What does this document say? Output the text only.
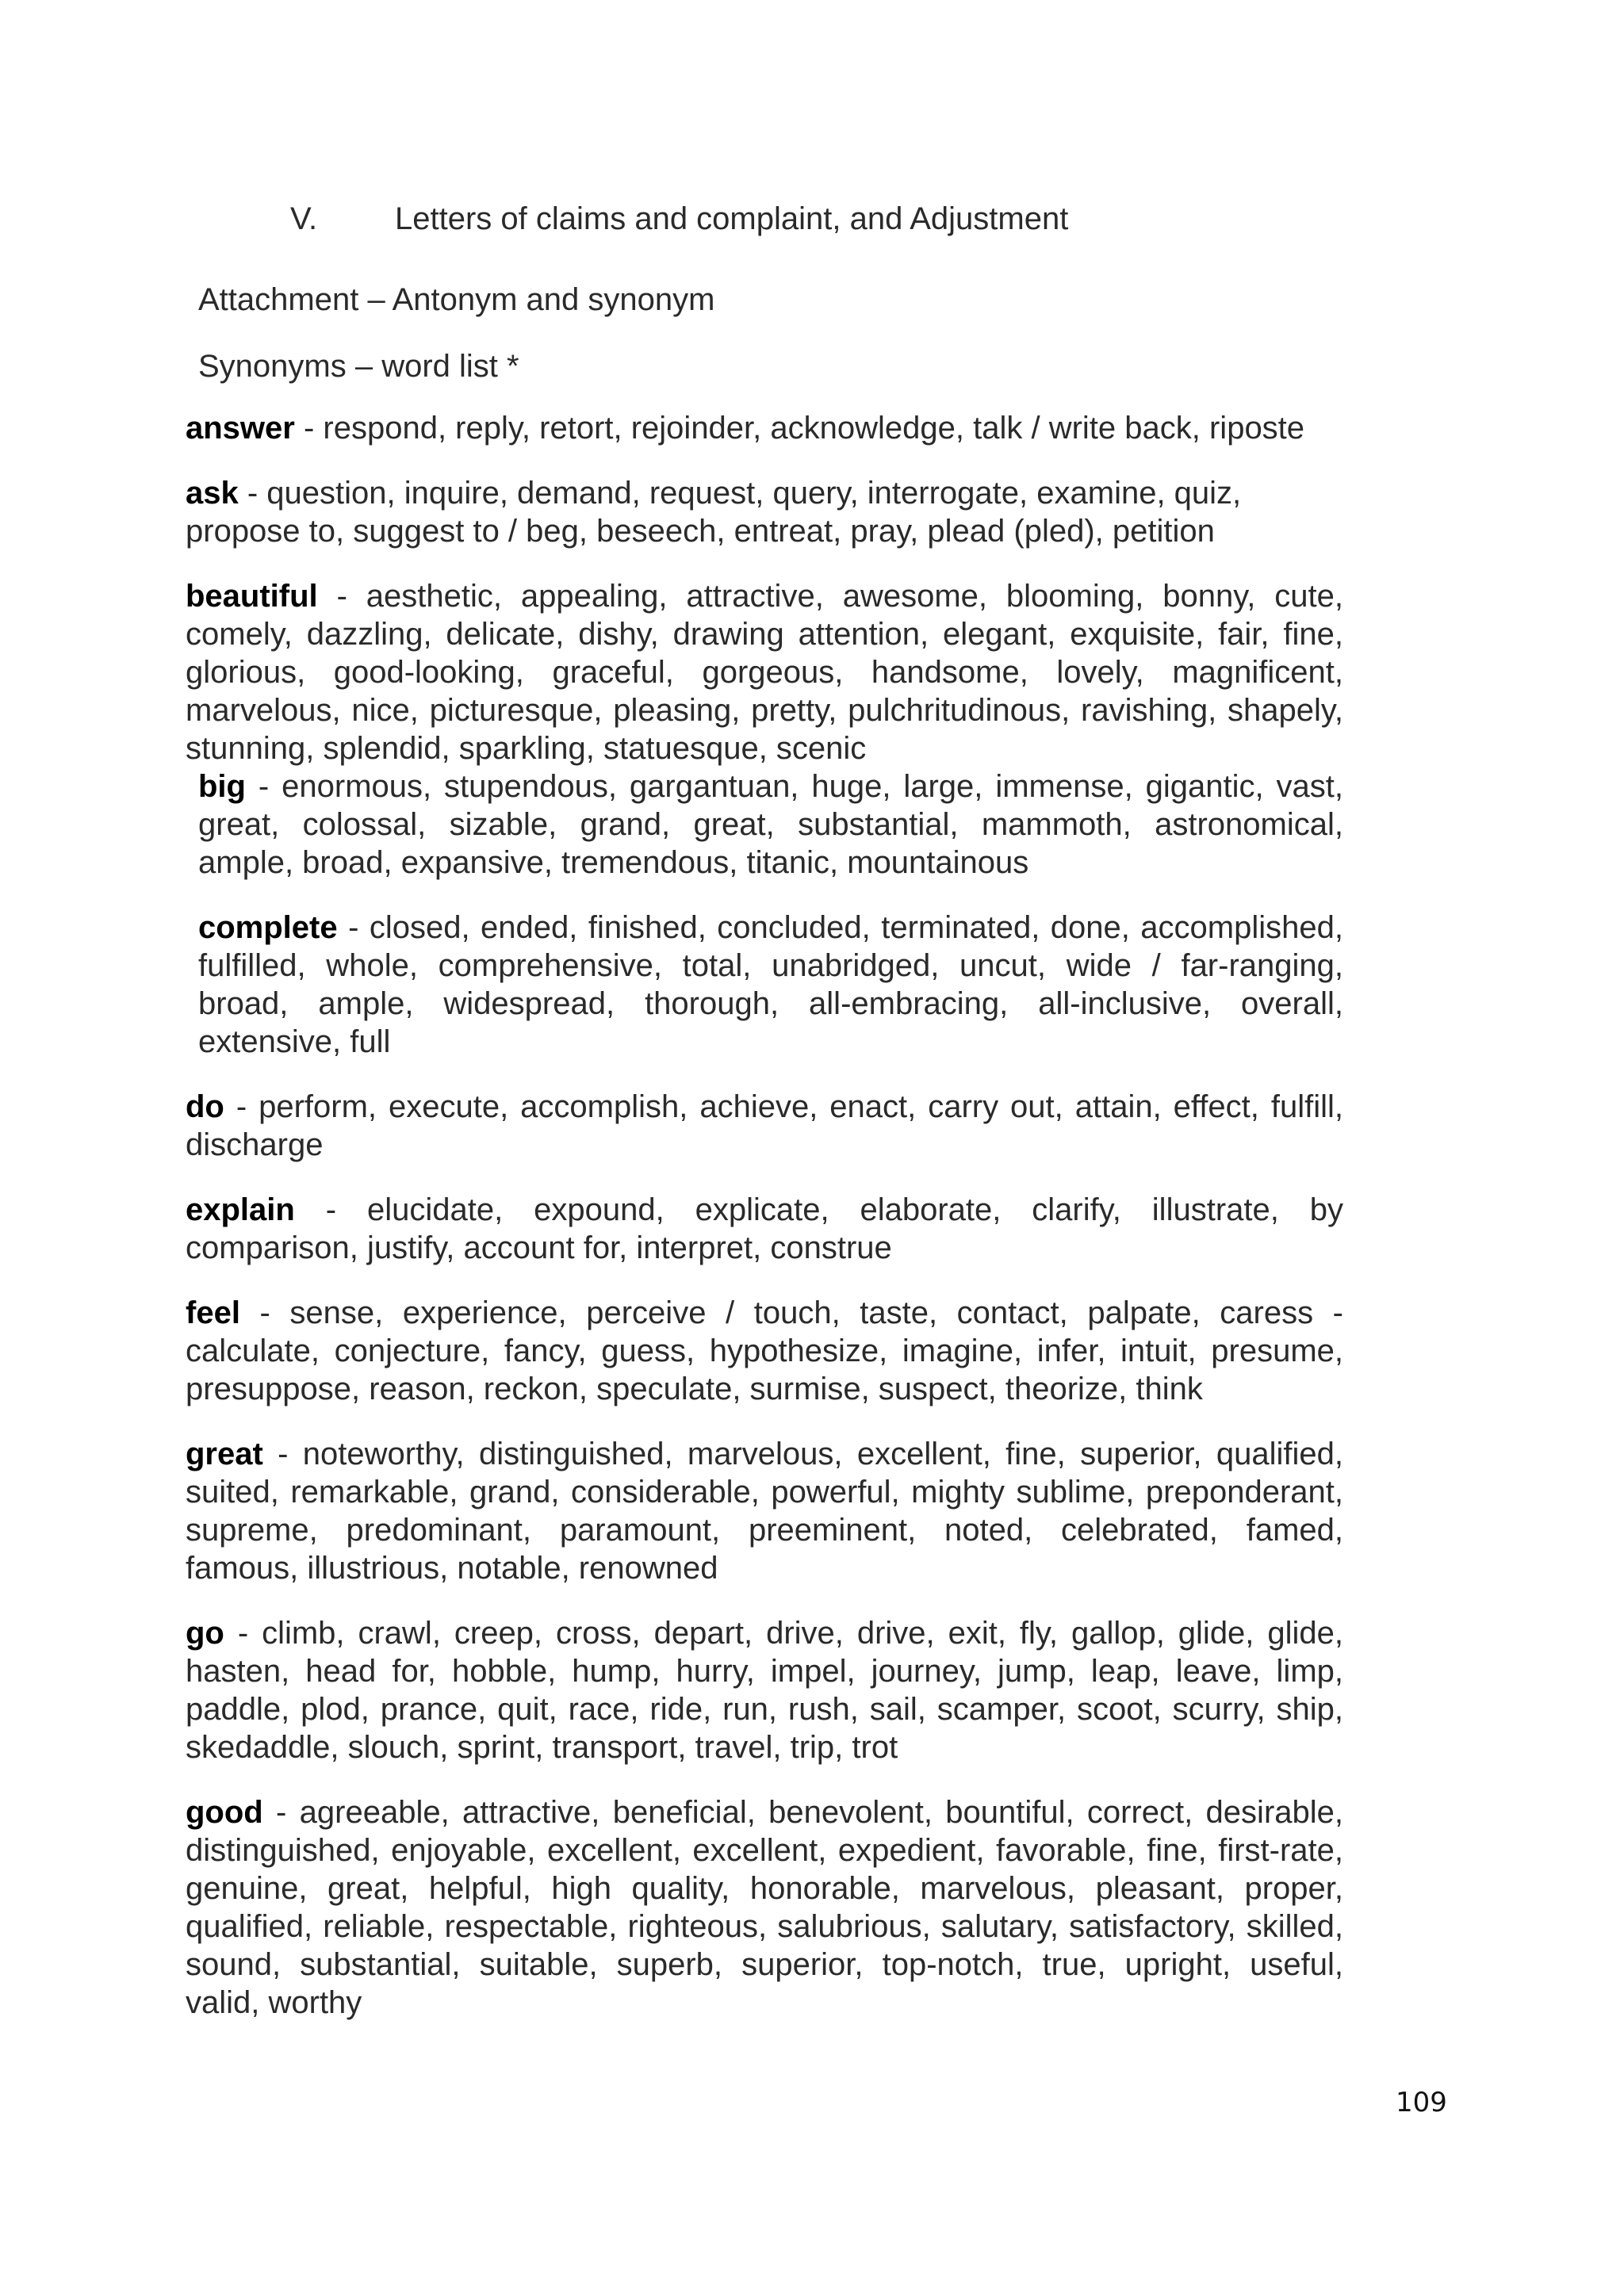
V. Letters of claims and complaint, and Adjustment
Attachment – Antonym and synonym
Synonyms – word list *

answer - respond, reply, retort, rejoinder, acknowledge, talk / write back, riposte

ask - question, inquire, demand, request, query, interrogate, examine, quiz, propose to, suggest to / beg, beseech, entreat, pray, plead (pled), petition

beautiful - aesthetic, appealing, attractive, awesome, blooming, bonny, cute, comely, dazzling, delicate, dishy, drawing attention, elegant, exquisite, fair, fine, glorious, good-looking, graceful, gorgeous, handsome, lovely, magnificent, marvelous, nice, picturesque, pleasing, pretty, pulchritudinous, ravishing, shapely, stunning, splendid, sparkling, statuesque, scenic

big - enormous, stupendous, gargantuan, huge, large, immense, gigantic, vast, great, colossal, sizable, grand, great, substantial, mammoth, astronomical, ample, broad, expansive, tremendous, titanic, mountainous

complete - closed, ended, finished, concluded, terminated, done, accomplished, fulfilled, whole, comprehensive, total, unabridged, uncut, wide / far-ranging, broad, ample, widespread, thorough, all-embracing, all-inclusive, overall, extensive, full

do - perform, execute, accomplish, achieve, enact, carry out, attain, effect, fulfill, discharge

explain - elucidate, expound, explicate, elaborate, clarify, illustrate, by comparison, justify, account for, interpret, construe

feel - sense, experience, perceive / touch, taste, contact, palpate, caress - calculate, conjecture, fancy, guess, hypothesize, imagine, infer, intuit, presume, presuppose, reason, reckon, speculate, surmise, suspect, theorize, think

great - noteworthy, distinguished, marvelous, excellent, fine, superior, qualified, suited, remarkable, grand, considerable, powerful, mighty sublime, preponderant, supreme, predominant, paramount, preeminent, noted, celebrated, famed, famous, illustrious, notable, renowned

go - climb, crawl, creep, cross, depart, drive, drive, exit, fly, gallop, glide, glide, hasten, head for, hobble, hump, hurry, impel, journey, jump, leap, leave, limp, paddle, plod, prance, quit, race, ride, run, rush, sail, scamper, scoot, scurry, ship, skedaddle, slouch, sprint, transport, travel, trip, trot

good - agreeable, attractive, beneficial, benevolent, bountiful, correct, desirable, distinguished, enjoyable, excellent, excellent, expedient, favorable, fine, first-rate, genuine, great, helpful, high quality, honorable, marvelous, pleasant, proper, qualified, reliable, respectable, righteous, salubrious, salutary, satisfactory, skilled, sound, substantial, suitable, superb, superior, top-notch, true, upright, useful, valid, worthy

109
